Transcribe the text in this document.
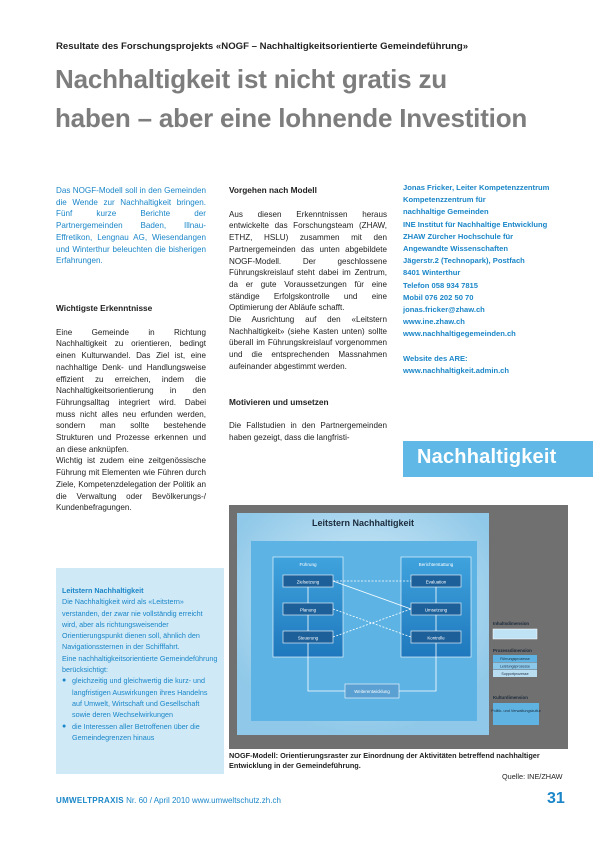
Resultate des Forschungsprojekts «NOGF – Nachhaltigkeitsorientierte Gemeindeführung»
Nachhaltigkeit ist nicht gratis zu
haben – aber eine lohnende Investition
Das NOGF-Modell soll in den Gemeinden die Wende zur Nachhaltigkeit bringen. Fünf kurze Berichte der Partnergemeinden Baden, Illnau-Effretikon, Lengnau AG, Wiesendangen und Winterthur beleuchten die bisherigen Erfahrungen.
Wichtigste Erkenntnisse
Eine Gemeinde in Richtung Nachhaltigkeit zu orientieren, bedingt einen Kulturwandel. Das Ziel ist, eine nachhaltige Denk- und Handlungsweise effizient zu erreichen, indem die Nachhaltigkeitsorientierung in den Führungsalltag integriert wird. Dabei muss nicht alles neu erfunden werden, sondern man sollte bestehende Strukturen und Prozesse erkennen und an diese anknüpfen.
Wichtig ist zudem eine zeitgenössische Führung mit Elementen wie Führen durch Ziele, Kompetenzdelegation der Politik an die Verwaltung oder Bevölkerungs-/ Kundenbefragungen.
Vorgehen nach Modell
Aus diesen Erkenntnissen heraus entwickelte das Forschungsteam (ZHAW, ETHZ, HSLU) zusammen mit den Partnergemeinden das unten abgebildete NOGF-Modell. Der geschlossene Führungskreislauf steht dabei im Zentrum, da er gute Voraussetzungen für eine ständige Erfolgskontrolle und eine Optimierung der Abläufe schafft.
Die Ausrichtung auf den «Leitstern Nachhaltigkeit» (siehe Kasten unten) sollte überall im Führungskreislauf vorgenommen und die entsprechenden Massnahmen aufeinander abgestimmt werden.
Motivieren und umsetzen
Die Fallstudien in den Partnergemeinden haben gezeigt, dass die langfristi-
Jonas Fricker, Leiter Kompetenzzentrum
Kompetenzzentrum für
nachhaltige Gemeinden
INE Institut für Nachhaltige Entwicklung
ZHAW Zürcher Hochschule für
Angewandte Wissenschaften
Jägerstr.2 (Technopark), Postfach
8401 Winterthur
Telefon 058 934 7815
Mobil 076 202 50 70
jonas.fricker@zhaw.ch
www.ine.zhaw.ch
www.nachhaltigegemeinden.ch
Website des ARE:
www.nachhaltigkeit.admin.ch
Nachhaltigkeit
Leitstern Nachhaltigkeit
Die Nachhaltigkeit wird als «Leitstern» verstanden, der zwar nie vollständig erreicht wird, aber als richtungsweisender Orientierungspunkt dienen soll, ähnlich den Navigationssternen in der Schifffahrt.
Eine nachhaltigkeitsorientierte Gemeindeführung berücksichtigt:
● gleichzeitig und gleichwertig die kurz- und langfristigen Auswirkungen ihres Handelns auf Umwelt, Wirtschaft und Gesellschaft sowie deren Wechselwirkungen
● die Interessen aller Betroffenen über die Gemeindegrenzen hinaus
Leitstern Nachhaltigkeit
Führung	Berichterstattung
Zielsetzung
Planung
Steuerung
Evaluation
Umsetzung
Kontrolle
Weiterentwicklung
Inhaltsdimension
Prozessdimension
Führungsprozesse
Leistungsprozesse
Supportprozesse
Kulturdimension
Politik- und Verwaltungskultur
NOGF-Modell: Orientierungsraster zur Einordnung der Aktivitäten betreffend nachhaltiger Entwicklung in der Gemeindeführung.
Quelle: INE/ZHAW
UMWELTPRAXIS Nr. 60 / April 2010 www.umweltschutz.zh.ch	31
